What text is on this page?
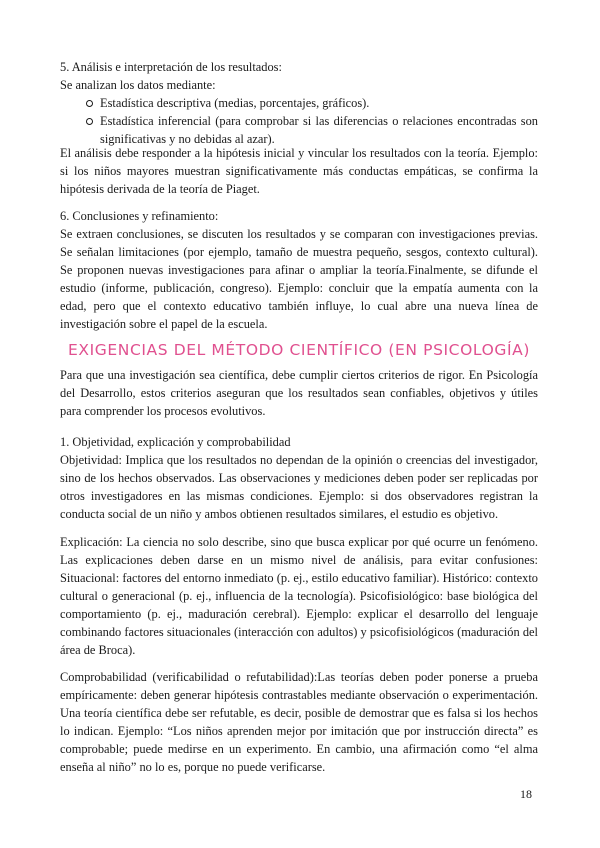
5. Análisis e interpretación de los resultados:

Se analizan los datos mediante:

Estadística descriptiva (medias, porcentajes, gráficos).
Estadística inferencial (para comprobar si las diferencias o relaciones encontradas son significativas y no debidas al azar).

El análisis debe responder a la hipótesis inicial y vincular los resultados con la teoría. Ejemplo: si los niños mayores muestran significativamente más conductas empáticas, se confirma la hipótesis derivada de la teoría de Piaget.

6. Conclusiones y refinamiento:

Se extraen conclusiones, se discuten los resultados y se comparan con investigaciones previas. Se señalan limitaciones (por ejemplo, tamaño de muestra pequeño, sesgos, contexto cultural). Se proponen nuevas investigaciones para afinar o ampliar la teoría.Finalmente, se difunde el estudio (informe, publicación, congreso). Ejemplo: concluir que la empatía aumenta con la edad, pero que el contexto educativo también influye, lo cual abre una nueva línea de investigación sobre el papel de la escuela.

EXIGENCIAS DEL MÉTODO CIENTÍFICO (EN PSICOLOGÍA)

Para que una investigación sea científica, debe cumplir ciertos criterios de rigor. En Psicología del Desarrollo, estos criterios aseguran que los resultados sean confiables, objetivos y útiles para comprender los procesos evolutivos.

1. Objetividad, explicación y comprobabilidad

Objetividad: Implica que los resultados no dependan de la opinión o creencias del investigador, sino de los hechos observados. Las observaciones y mediciones deben poder ser replicadas por otros investigadores en las mismas condiciones. Ejemplo: si dos observadores registran la conducta social de un niño y ambos obtienen resultados similares, el estudio es objetivo.

Explicación: La ciencia no solo describe, sino que busca explicar por qué ocurre un fenómeno. Las explicaciones deben darse en un mismo nivel de análisis, para evitar confusiones: Situacional: factores del entorno inmediato (p. ej., estilo educativo familiar). Histórico: contexto cultural o generacional (p. ej., influencia de la tecnología). Psicofisiológico: base biológica del comportamiento (p. ej., maduración cerebral). Ejemplo: explicar el desarrollo del lenguaje combinando factores situacionales (interacción con adultos) y psicofisiológicos (maduración del área de Broca).

Comprobabilidad (verificabilidad o refutabilidad):Las teorías deben poder ponerse a prueba empíricamente: deben generar hipótesis contrastables mediante observación o experimentación. Una teoría científica debe ser refutable, es decir, posible de demostrar que es falsa si los hechos lo indican. Ejemplo: “Los niños aprenden mejor por imitación que por instrucción directa” es comprobable; puede medirse en un experimento. En cambio, una afirmación como “el alma enseña al niño” no lo es, porque no puede verificarse.

18
